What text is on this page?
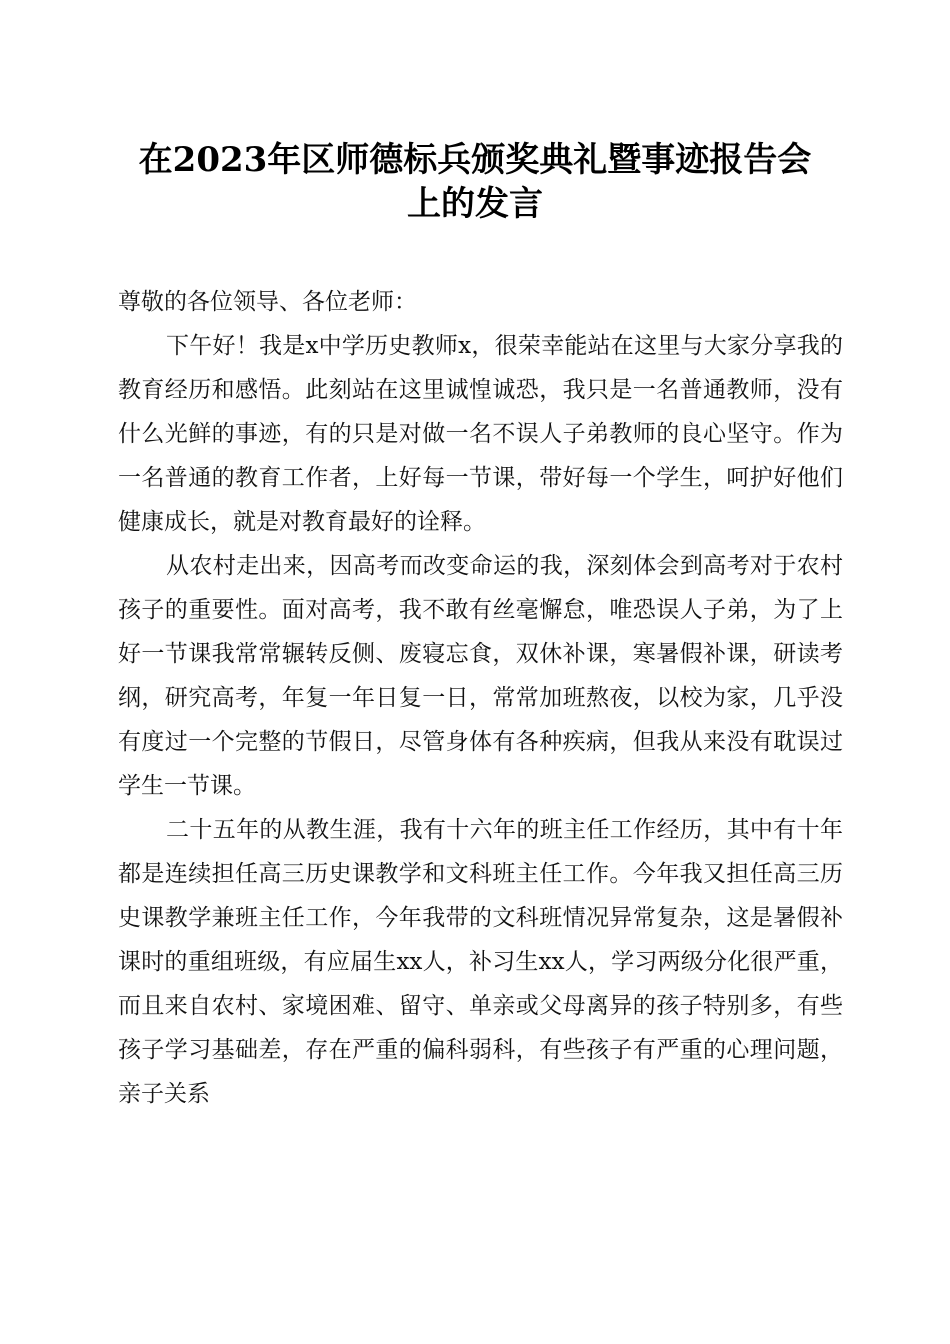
在2023年区师德标兵颁奖典礼暨事迹报告会
上的发言

尊敬的各位领导、各位老师：

下午好！我是x中学历史教师x，很荣幸能站在这里与大家分享我的教育经历和感悟。此刻站在这里诚惶诚恐，我只是一名普通教师，没有什么光鲜的事迹，有的只是对做一名不误人子弟教师的良心坚守。作为一名普通的教育工作者，上好每一节课，带好每一个学生，呵护好他们健康成长，就是对教育最好的诠释。

从农村走出来，因高考而改变命运的我，深刻体会到高考对于农村孩子的重要性。面对高考，我不敢有丝毫懈怠，唯恐误人子弟，为了上好一节课我常常辗转反侧、废寝忘食，双休补课，寒暑假补课，研读考纲，研究高考，年复一年日复一日，常常加班熬夜，以校为家，几乎没有度过一个完整的节假日，尽管身体有各种疾病，但我从来没有耽误过学生一节课。

二十五年的从教生涯，我有十六年的班主任工作经历，其中有十年都是连续担任高三历史课教学和文科班主任工作。今年我又担任高三历史课教学兼班主任工作，今年我带的文科班情况异常复杂，这是暑假补课时的重组班级，有应届生xx人，补习生xx人，学习两级分化很严重，而且来自农村、家境困难、留守、单亲或父母离异的孩子特别多，有些孩子学习基础差，存在严重的偏科弱科，有些孩子有严重的心理问题，亲子关系
